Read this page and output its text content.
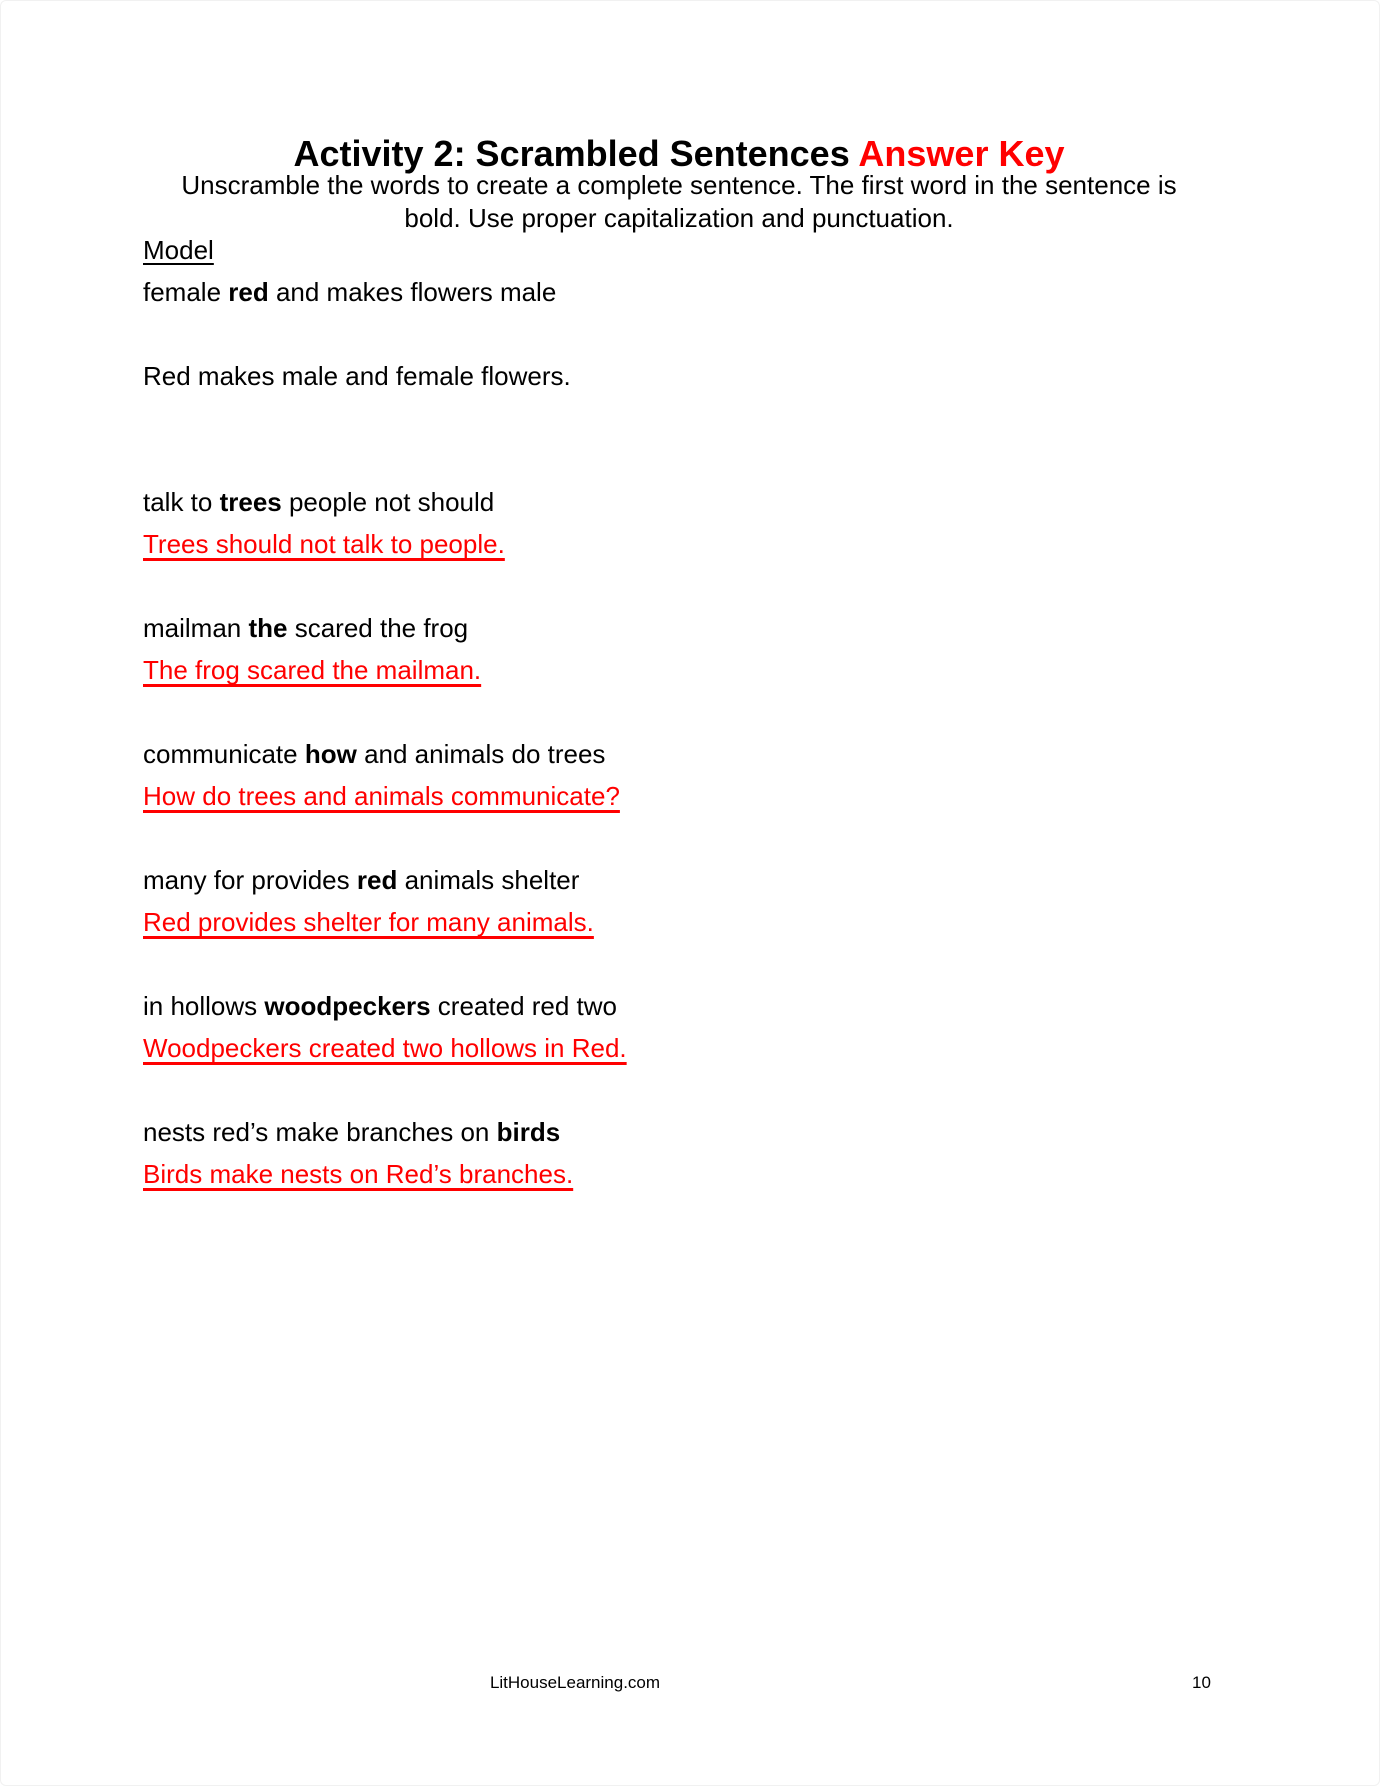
Activity 2: Scrambled Sentences Answer Key
Unscramble the words to create a complete sentence. The first word in the sentence is
bold. Use proper capitalization and punctuation.
Model
female red and makes flowers male
Red makes male and female flowers.
talk to trees people not should
Trees should not talk to people.
mailman the scared the frog
The frog scared the mailman.
communicate how and animals do trees
How do trees and animals communicate?
many for provides red animals shelter
Red provides shelter for many animals.
in hollows woodpeckers created red two
Woodpeckers created two hollows in Red.
nests red’s make branches on birds
Birds make nests on Red’s branches.
LitHouseLearning.com	10
